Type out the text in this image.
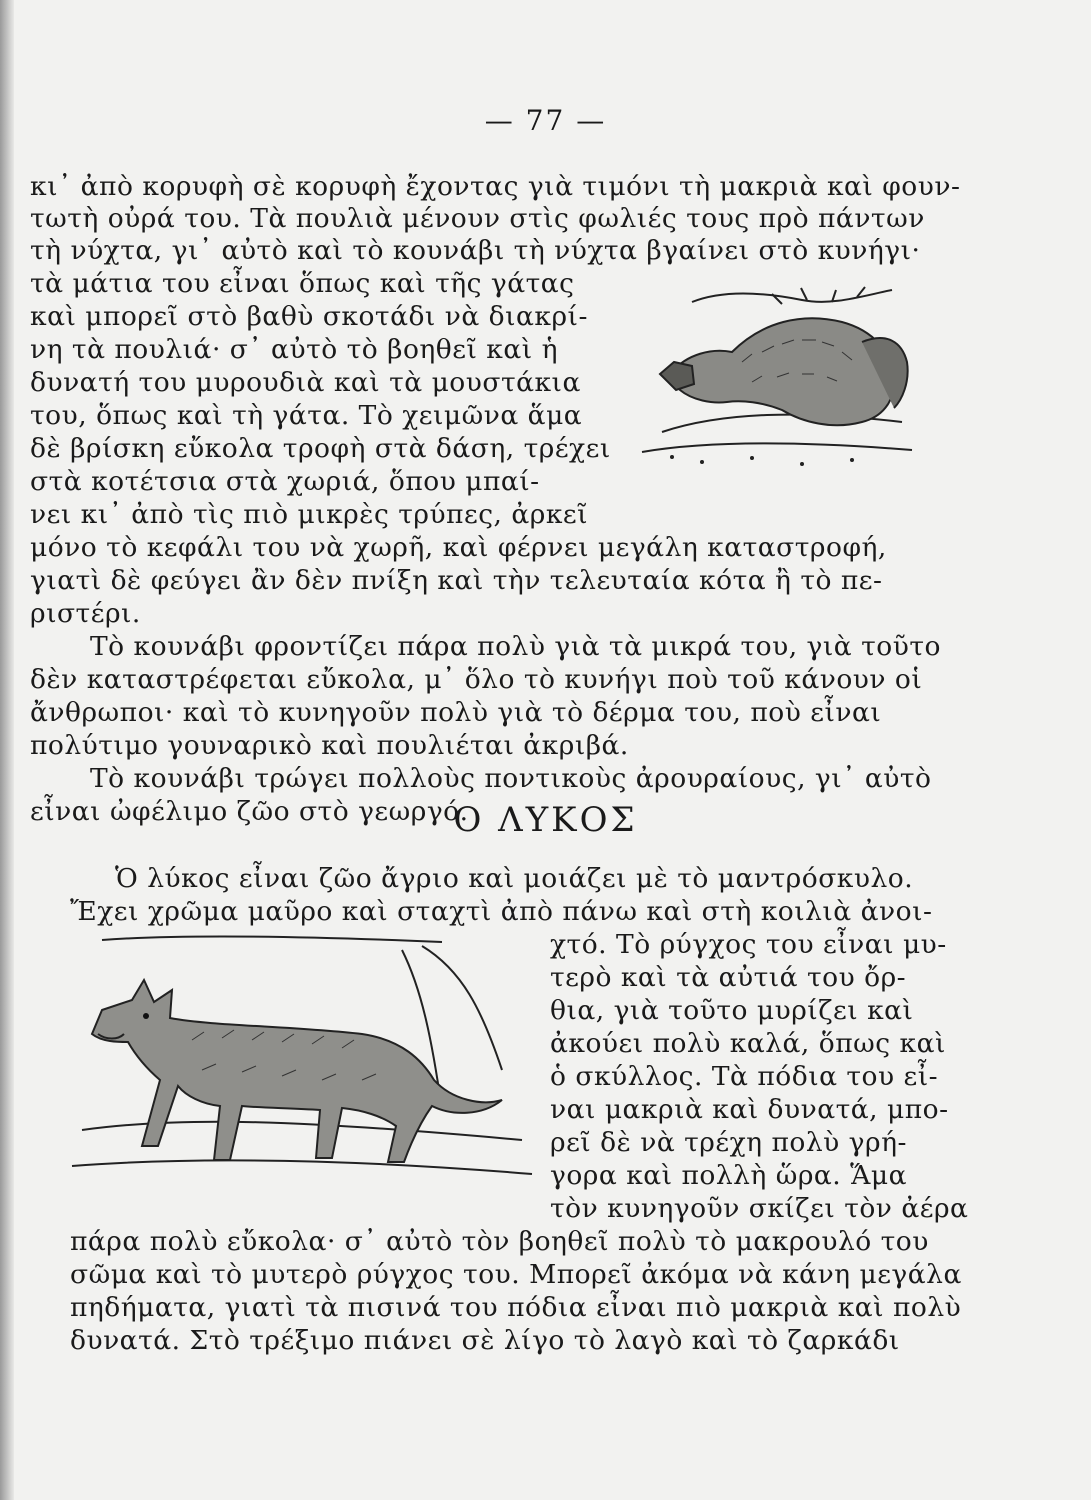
— 77 —
κι᾿ ἀπὸ κορυφὴ σὲ κορυφὴ ἔχοντας γιὰ τιμόνι τὴ μακριὰ καὶ φουν-
τωτὴ οὐρά του. Τὰ πουλιὰ μένουν στὶς φωλιές τους πρὸ πάντων
τὴ νύχτα, γι᾿ αὐτὸ καὶ τὸ κουνάβι τὴ νύχτα βγαίνει στὸ κυνήγι·
τὰ μάτια του εἶναι ὅπως καὶ τῆς γάτας
καὶ μπορεῖ στὸ βαθὺ σκοτάδι νὰ διακρί-
νη τὰ πουλιά· σ᾿ αὐτὸ τὸ βοηθεῖ καὶ ἡ
δυνατή του μυρουδιὰ καὶ τὰ μουστάκια
του, ὅπως καὶ τὴ γάτα. Τὸ χειμῶνα ἅμα
δὲ βρίσκη εὔκολα τροφὴ στὰ δάση, τρέχει
στὰ κοτέτσια στὰ χωριά, ὅπου μπαί-
νει κι᾿ ἀπὸ τὶς πιὸ μικρὲς τρύπες, ἀρκεῖ
μόνο τὸ κεφάλι του νὰ χωρῆ, καὶ φέρνει μεγάλη καταστροφή,
γιατὶ δὲ φεύγει ἂν δὲν πνίξη καὶ τὴν τελευταία κότα ἢ τὸ πε-
ριστέρι.
Τὸ κουνάβι φροντίζει πάρα πολὺ γιὰ τὰ μικρά του, γιὰ τοῦτο
δὲν καταστρέφεται εὔκολα, μ᾿ ὅλο τὸ κυνήγι ποὺ τοῦ κάνουν οἱ
ἄνθρωποι· καὶ τὸ κυνηγοῦν πολὺ γιὰ τὸ δέρμα του, ποὺ εἶναι
πολύτιμο γουναρικὸ καὶ πουλιέται ἀκριβά.
Τὸ κουνάβι τρώγει πολλοὺς ποντικοὺς ἀρουραίους, γι᾿ αὐτὸ
εἶναι ὠφέλιμο ζῶο στὸ γεωργό.
Ο ΛΥΚΟΣ
Ὁ λύκος εἶναι ζῶο ἄγριο καὶ μοιάζει μὲ τὸ μαντρόσκυλο.
Ἔχει χρῶμα μαῦρο καὶ σταχτὶ ἀπὸ πάνω καὶ στὴ κοιλιὰ ἀνοι-
χτό. Τὸ ρύγχος του εἶναι μυ-
τερὸ καὶ τὰ αὐτιά του ὄρ-
θια, γιὰ τοῦτο μυρίζει καὶ
ἀκούει πολὺ καλά, ὅπως καὶ
ὁ σκύλλος. Τὰ πόδια του εἶ-
ναι μακριὰ καὶ δυνατά, μπο-
ρεῖ δὲ νὰ τρέχη πολὺ γρή-
γορα καὶ πολλὴ ὥρα. Ἅμα
τὸν κυνηγοῦν σκίζει τὸν ἀέρα
πάρα πολὺ εὔκολα· σ᾿ αὐτὸ τὸν βοηθεῖ πολὺ τὸ μακρουλό του
σῶμα καὶ τὸ μυτερὸ ρύγχος του. Μπορεῖ ἀκόμα νὰ κάνη μεγάλα
πηδήματα, γιατὶ τὰ πισινά του πόδια εἶναι πιὸ μακριὰ καὶ πολὺ
δυνατά. Στὸ τρέξιμο πιάνει σὲ λίγο τὸ λαγὸ καὶ τὸ ζαρκάδι
